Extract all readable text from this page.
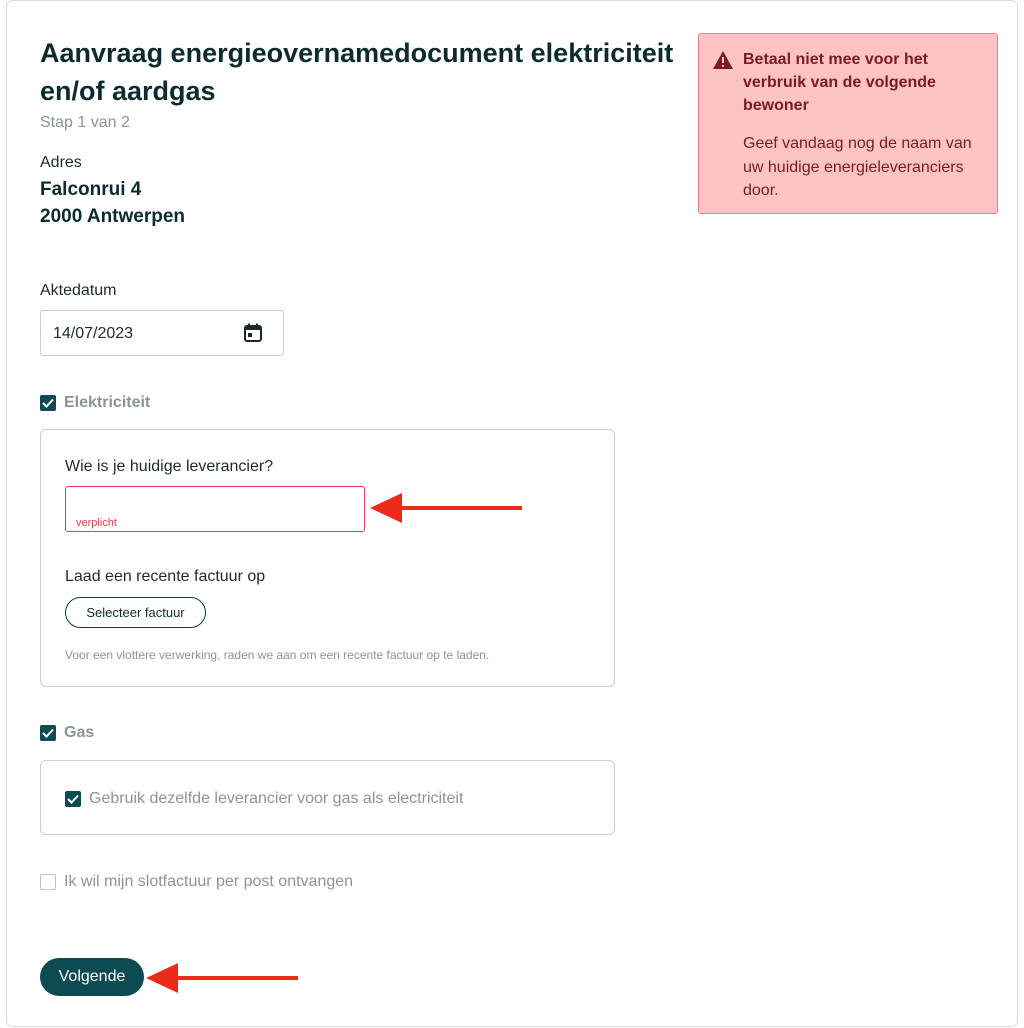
Aanvraag energieovernamedocument elektriciteit en/of aardgas
Stap 1 van 2
Adres
Falconrui 4
2000 Antwerpen
Betaal niet mee voor het verbruik van de volgende bewoner
Geef vandaag nog de naam van uw huidige energieleveranciers door.
Aktedatum
14/07/2023
Elektriciteit
Wie is je huidige leverancier?
verplicht
Laad een recente factuur op
Selecteer factuur
Voor een vlottere verwerking, raden we aan om een recente factuur op te laden.
Gas
Gebruik dezelfde leverancier voor gas als electriciteit
Ik wil mijn slotfactuur per post ontvangen
Volgende
